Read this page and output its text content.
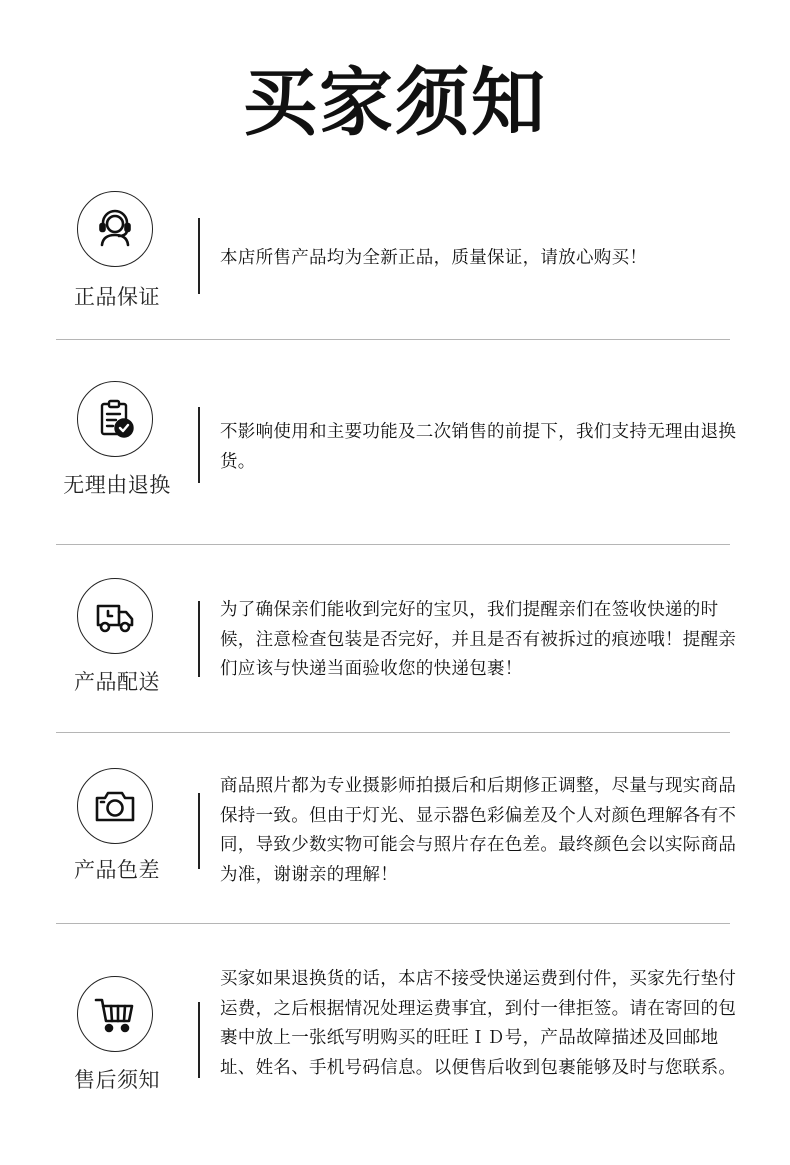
买家须知
正品保证
本店所售产品均为全新正品，质量保证，请放心购买！
无理由退换
不影响使用和主要功能及二次销售的前提下，我们支持无理由退换货。
产品配送
为了确保亲们能收到完好的宝贝，我们提醒亲们在签收快递的时候，注意检查包装是否完好，并且是否有被拆过的痕迹哦！提醒亲们应该与快递当面验收您的快递包裹！
产品色差
商品照片都为专业摄影师拍摄后和后期修正调整，尽量与现实商品保持一致。但由于灯光、显示器色彩偏差及个人对颜色理解各有不同，导致少数实物可能会与照片存在色差。最终颜色会以实际商品为准，谢谢亲的理解！
售后须知
买家如果退换货的话，本店不接受快递运费到付件，买家先行垫付运费，之后根据情况处理运费事宜，到付一律拒签。请在寄回的包裹中放上一张纸写明购买的旺旺ＩＤ号，产品故障描述及回邮地址、姓名、手机号码信息。以便售后收到包裹能够及时与您联系。
